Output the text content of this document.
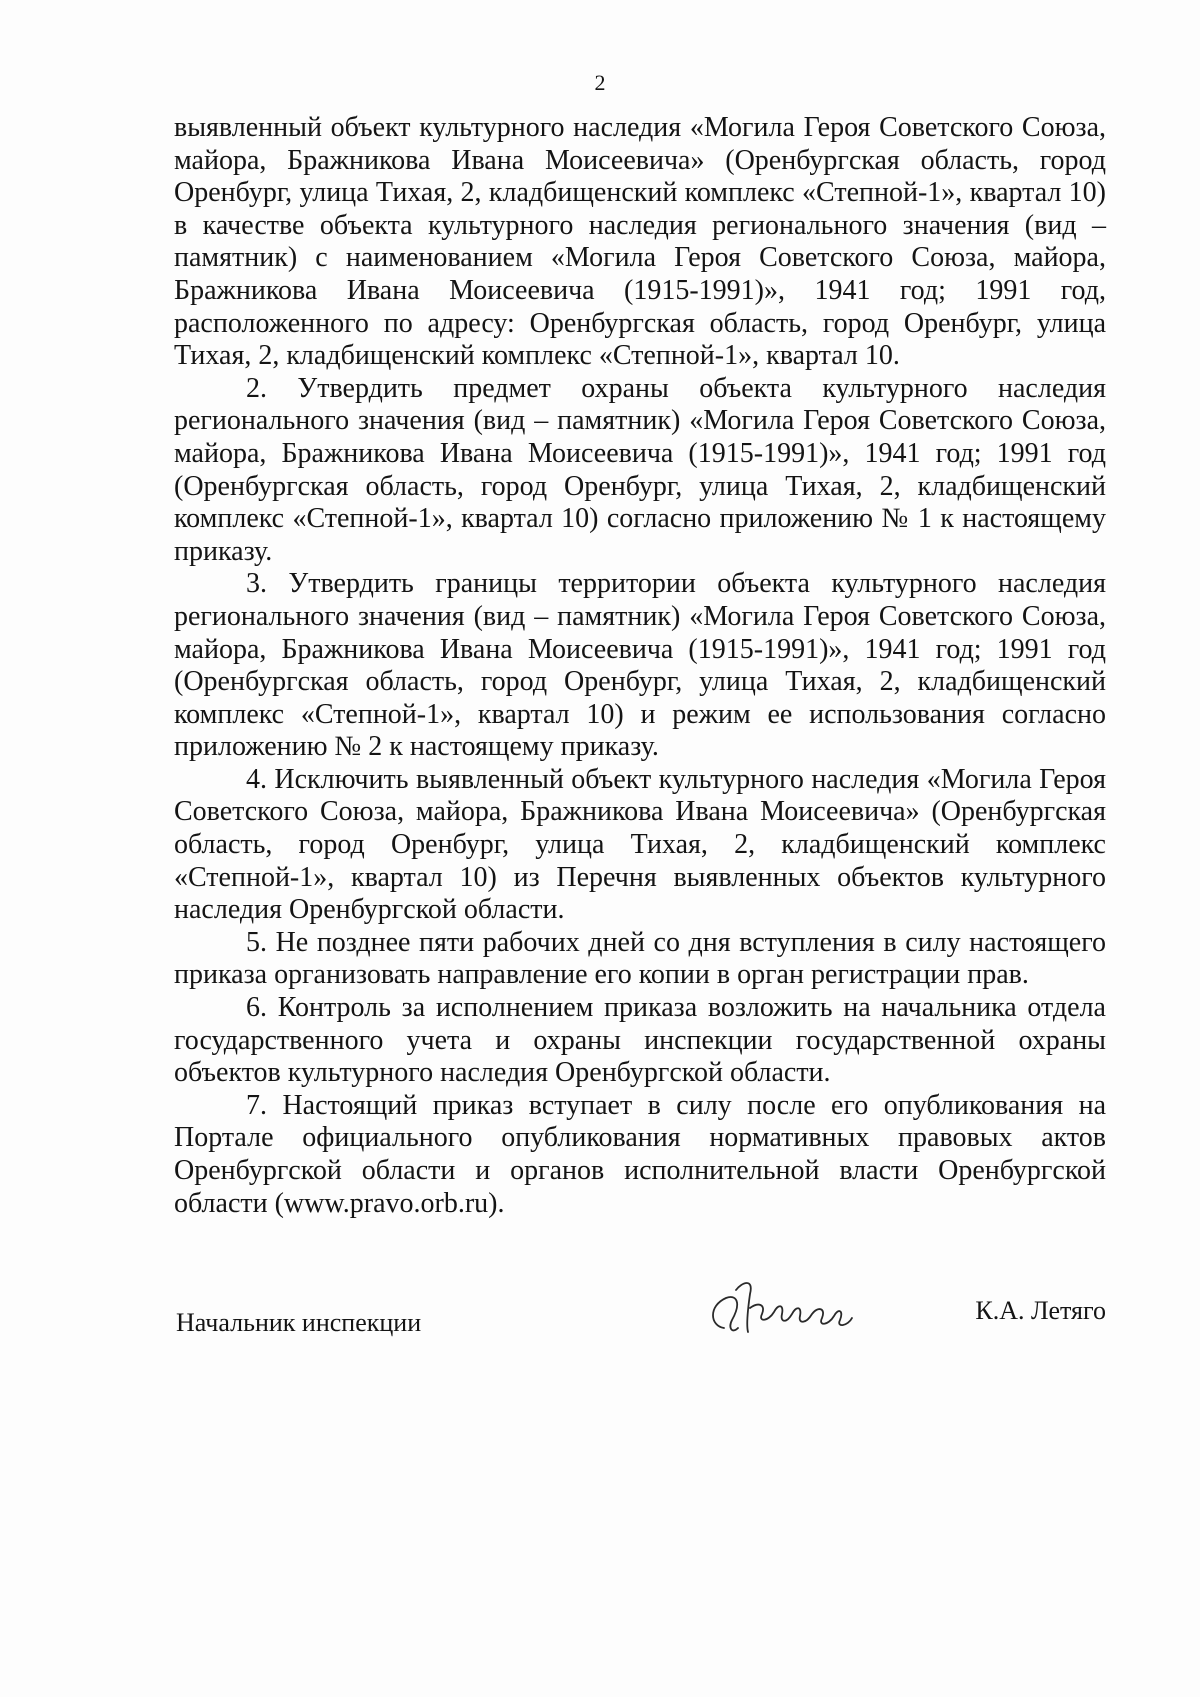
2

выявленный объект культурного наследия «Могила Героя Советского Союза, майора, Бражникова Ивана Моисеевича» (Оренбургская область, город Оренбург, улица Тихая, 2, кладбищенский комплекс «Степной-1», квартал 10) в качестве объекта культурного наследия регионального значения (вид – памятник) с наименованием «Могила Героя Советского Союза, майора, Бражникова Ивана Моисеевича (1915-1991)», 1941 год; 1991 год, расположенного по адресу: Оренбургская область, город Оренбург, улица Тихая, 2, кладбищенский комплекс «Степной-1», квартал 10.

2. Утвердить предмет охраны объекта культурного наследия регионального значения (вид – памятник) «Могила Героя Советского Союза, майора, Бражникова Ивана Моисеевича (1915-1991)», 1941 год; 1991 год (Оренбургская область, город Оренбург, улица Тихая, 2, кладбищенский комплекс «Степной-1», квартал 10) согласно приложению № 1 к настоящему приказу.

3. Утвердить границы территории объекта культурного наследия регионального значения (вид – памятник) «Могила Героя Советского Союза, майора, Бражникова Ивана Моисеевича (1915-1991)», 1941 год; 1991 год (Оренбургская область, город Оренбург, улица Тихая, 2, кладбищенский комплекс «Степной-1», квартал 10) и режим ее использования согласно приложению № 2 к настоящему приказу.

4. Исключить выявленный объект культурного наследия «Могила Героя Советского Союза, майора, Бражникова Ивана Моисеевича» (Оренбургская область, город Оренбург, улица Тихая, 2, кладбищенский комплекс «Степной-1», квартал 10) из Перечня выявленных объектов культурного наследия Оренбургской области.

5. Не позднее пяти рабочих дней со дня вступления в силу настоящего приказа организовать направление его копии в орган регистрации прав.

6. Контроль за исполнением приказа возложить на начальника отдела государственного учета и охраны инспекции государственной охраны объектов культурного наследия Оренбургской области.

7. Настоящий приказ вступает в силу после его опубликования на Портале официального опубликования нормативных правовых актов Оренбургской области и органов исполнительной власти Оренбургской области (www.pravo.orb.ru).

Начальник инспекции	К.А. Летяго
